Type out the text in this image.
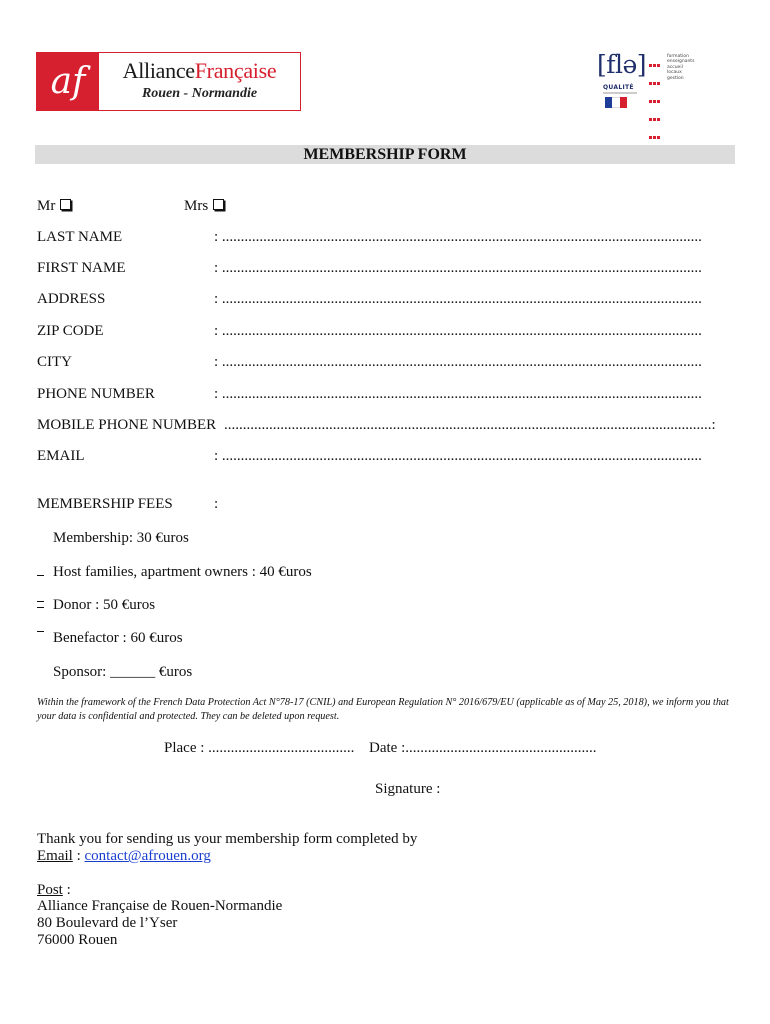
af	AllianceFrançaise
Rouen - Normandie
[flə]	formation
enseignants
accueil
locaux
gestion
QUALITÉ
MEMBERSHIP FORM
Mr	Mrs
LAST NAME	: ................................................................................................................................
FIRST NAME	: ................................................................................................................................
ADDRESS	: ................................................................................................................................
ZIP CODE	: ................................................................................................................................
CITY	: ................................................................................................................................
PHONE NUMBER	: ................................................................................................................................
MOBILE PHONE NUMBER ..................................................................................................................................:
EMAIL	: ................................................................................................................................
MEMBERSHIP FEES	:
Membership: 30 €uros
Host families, apartment owners : 40 €uros
Donor : 50 €uros
Benefactor : 60 €uros
Sponsor: ______ €uros
Within the framework of the French Data Protection Act N°78-17 (CNIL) and European Regulation N° 2016/679/EU (applicable as of May 25, 2018), we inform you that your data is confidential and protected. They can be deleted upon request.
Place : ....................................... Date :...................................................
Signature :
Thank you for sending us your membership form completed by
Email : contact@afrouen.org
Post :
Alliance Française de Rouen-Normandie
80 Boulevard de l’Yser
76000 Rouen
